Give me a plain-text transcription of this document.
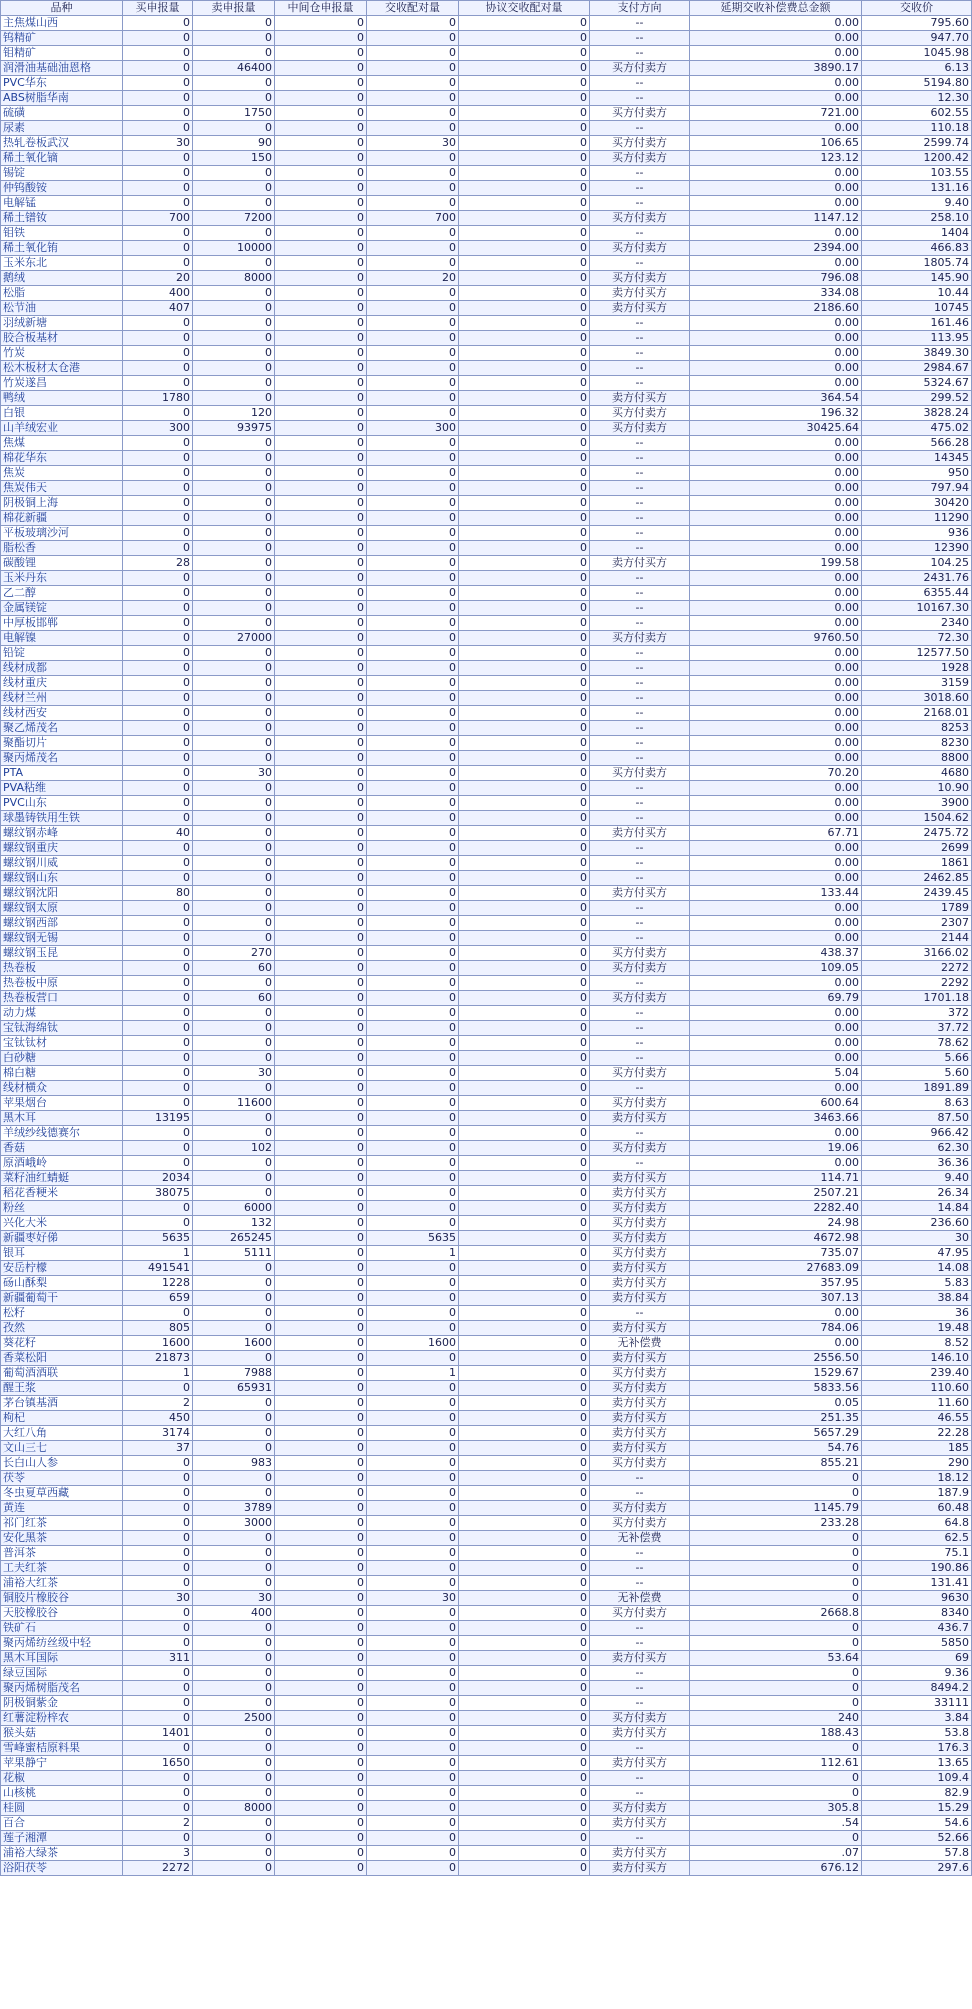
品种	买申报量	卖申报量	中间仓申报量	交收配对量	协议交收配对量	支付方向	延期交收补偿费总金额	交收价
主焦煤山西	0	0	0	0	0	--	0.00	795.60
钨精矿	0	0	0	0	0	--	0.00	947.70
钼精矿	0	0	0	0	0	--	0.00	1045.98
润滑油基础油恩格	0	46400	0	0	0	买方付卖方	3890.17	6.13
PVC华东	0	0	0	0	0	--	0.00	5194.80
ABS树脂华南	0	0	0	0	0	--	0.00	12.30
硫磺	0	1750	0	0	0	买方付卖方	721.00	602.55
尿素	0	0	0	0	0	--	0.00	110.18
热轧卷板武汉	30	90	0	30	0	买方付卖方	106.65	2599.74
稀土氧化镝	0	150	0	0	0	买方付卖方	123.12	1200.42
锡锭	0	0	0	0	0	--	0.00	103.55
仲钨酸铵	0	0	0	0	0	--	0.00	131.16
电解锰	0	0	0	0	0	--	0.00	9.40
稀土镨钕	700	7200	0	700	0	买方付卖方	1147.12	258.10
钼铁	0	0	0	0	0	--	0.00	1404
稀土氧化铕	0	10000	0	0	0	买方付卖方	2394.00	466.83
玉米东北	0	0	0	0	0	--	0.00	1805.74
鹅绒	20	8000	0	20	0	买方付卖方	796.08	145.90
松脂	400	0	0	0	0	卖方付买方	334.08	10.44
松节油	407	0	0	0	0	卖方付买方	2186.60	10745
羽绒新塘	0	0	0	0	0	--	0.00	161.46
胶合板基材	0	0	0	0	0	--	0.00	113.95
竹炭	0	0	0	0	0	--	0.00	3849.30
松木板材太仓港	0	0	0	0	0	--	0.00	2984.67
竹炭遂昌	0	0	0	0	0	--	0.00	5324.67
鸭绒	1780	0	0	0	0	卖方付买方	364.54	299.52
白银	0	120	0	0	0	买方付卖方	196.32	3828.24
山羊绒宏业	300	93975	0	300	0	买方付卖方	30425.64	475.02
焦煤	0	0	0	0	0	--	0.00	566.28
棉花华东	0	0	0	0	0	--	0.00	14345
焦炭	0	0	0	0	0	--	0.00	950
焦炭伟天	0	0	0	0	0	--	0.00	797.94
阴极铜上海	0	0	0	0	0	--	0.00	30420
棉花新疆	0	0	0	0	0	--	0.00	11290
平板玻璃沙河	0	0	0	0	0	--	0.00	936
脂松香	0	0	0	0	0	--	0.00	12390
碳酸锂	28	0	0	0	0	卖方付买方	199.58	104.25
玉米丹东	0	0	0	0	0	--	0.00	2431.76
乙二醇	0	0	0	0	0	--	0.00	6355.44
金属镁锭	0	0	0	0	0	--	0.00	10167.30
中厚板邯郸	0	0	0	0	0	--	0.00	2340
电解镍	0	27000	0	0	0	买方付卖方	9760.50	72.30
铅锭	0	0	0	0	0	--	0.00	12577.50
线材成都	0	0	0	0	0	--	0.00	1928
线材重庆	0	0	0	0	0	--	0.00	3159
线材兰州	0	0	0	0	0	--	0.00	3018.60
线材西安	0	0	0	0	0	--	0.00	2168.01
聚乙烯茂名	0	0	0	0	0	--	0.00	8253
聚酯切片	0	0	0	0	0	--	0.00	8230
聚丙烯茂名	0	0	0	0	0	--	0.00	8800
PTA	0	30	0	0	0	买方付卖方	70.20	4680
PVA粘维	0	0	0	0	0	--	0.00	10.90
PVC山东	0	0	0	0	0	--	0.00	3900
球墨铸铁用生铁	0	0	0	0	0	--	0.00	1504.62
螺纹钢赤峰	40	0	0	0	0	卖方付买方	67.71	2475.72
螺纹钢重庆	0	0	0	0	0	--	0.00	2699
螺纹钢川威	0	0	0	0	0	--	0.00	1861
螺纹钢山东	0	0	0	0	0	--	0.00	2462.85
螺纹钢沈阳	80	0	0	0	0	卖方付买方	133.44	2439.45
螺纹钢太原	0	0	0	0	0	--	0.00	1789
螺纹钢西部	0	0	0	0	0	--	0.00	2307
螺纹钢无锡	0	0	0	0	0	--	0.00	2144
螺纹钢玉昆	0	270	0	0	0	买方付卖方	438.37	3166.02
热卷板	0	60	0	0	0	买方付卖方	109.05	2272
热卷板中原	0	0	0	0	0	--	0.00	2292
热卷板营口	0	60	0	0	0	买方付卖方	69.79	1701.18
动力煤	0	0	0	0	0	--	0.00	372
宝钛海绵钛	0	0	0	0	0	--	0.00	37.72
宝钛钛材	0	0	0	0	0	--	0.00	78.62
白砂糖	0	0	0	0	0	--	0.00	5.66
棉白糖	0	30	0	0	0	买方付卖方	5.04	5.60
线材横众	0	0	0	0	0	--	0.00	1891.89
苹果烟台	0	11600	0	0	0	买方付卖方	600.64	8.63
黑木耳	13195	0	0	0	0	卖方付买方	3463.66	87.50
羊绒纱线德赛尔	0	0	0	0	0	--	0.00	966.42
香菇	0	102	0	0	0	买方付卖方	19.06	62.30
原酒峨岭	0	0	0	0	0	--	0.00	36.36
菜籽油红蜻蜓	2034	0	0	0	0	卖方付买方	114.71	9.40
稻花香粳米	38075	0	0	0	0	卖方付买方	2507.21	26.34
粉丝	0	6000	0	0	0	买方付卖方	2282.40	14.84
兴化大米	0	132	0	0	0	买方付卖方	24.98	236.60
新疆枣好俤	5635	265245	0	5635	0	买方付卖方	4672.98	30
银耳	1	5111	0	1	0	买方付卖方	735.07	47.95
安岳柠檬	491541	0	0	0	0	卖方付买方	27683.09	14.08
砀山酥梨	1228	0	0	0	0	卖方付买方	357.95	5.83
新疆葡萄干	659	0	0	0	0	卖方付买方	307.13	38.84
松籽	0	0	0	0	0	--	0.00	36
孜然	805	0	0	0	0	卖方付买方	784.06	19.48
葵花籽	1600	1600	0	1600	0	无补偿费	0.00	8.52
香菜松阳	21873	0	0	0	0	卖方付买方	2556.50	146.10
葡萄酒酒联	1	7988	0	1	0	买方付卖方	1529.67	239.40
醒王浆	0	65931	0	0	0	买方付卖方	5833.56	110.60
茅台镇基酒	2	0	0	0	0	卖方付买方	0.05	11.60
枸杞	450	0	0	0	0	卖方付买方	251.35	46.55
大红八角	3174	0	0	0	0	卖方付买方	5657.29	22.28
文山三七	37	0	0	0	0	卖方付买方	54.76	185
长白山人参	0	983	0	0	0	买方付卖方	855.21	290
茯苓	0	0	0	0	0	--	0	18.12
冬虫夏草西藏	0	0	0	0	0	--	0	187.9
黄连	0	3789	0	0	0	买方付卖方	1145.79	60.48
祁门红茶	0	3000	0	0	0	买方付卖方	233.28	64.8
安化黑茶	0	0	0	0	0	无补偿费	0	62.5
普洱茶	0	0	0	0	0	--	0	75.1
工夫红茶	0	0	0	0	0	--	0	190.86
浦裕大红茶	0	0	0	0	0	--	0	131.41
铜胶片橡胶谷	30	30	0	30	0	无补偿费	0	9630
天胶橡胶谷	0	400	0	0	0	买方付卖方	2668.8	8340
铁矿石	0	0	0	0	0	--	0	436.7
聚丙烯纺丝级中轻	0	0	0	0	0	--	0	5850
黑木耳国际	311	0	0	0	0	卖方付买方	53.64	69
绿豆国际	0	0	0	0	0	--	0	9.36
聚丙烯树脂茂名	0	0	0	0	0	--	0	8494.2
阴极铜紫金	0	0	0	0	0	--	0	33111
红薯淀粉梓农	0	2500	0	0	0	买方付卖方	240	3.84
猴头菇	1401	0	0	0	0	卖方付买方	188.43	53.8
雪峰蜜桔原料果	0	0	0	0	0	--	0	176.3
苹果静宁	1650	0	0	0	0	卖方付买方	112.61	13.65
花椒	0	0	0	0	0	--	0	109.4
山核桃	0	0	0	0	0	--	0	82.9
桂圆	0	8000	0	0	0	买方付卖方	305.8	15.29
百合	2	0	0	0	0	卖方付买方	.54	54.6
莲子湘潭	0	0	0	0	0	--	0	52.66
浦裕大绿茶	3	0	0	0	0	卖方付买方	.07	57.8
浴阳茯苓	2272	0	0	0	0	卖方付买方	676.12	297.6
